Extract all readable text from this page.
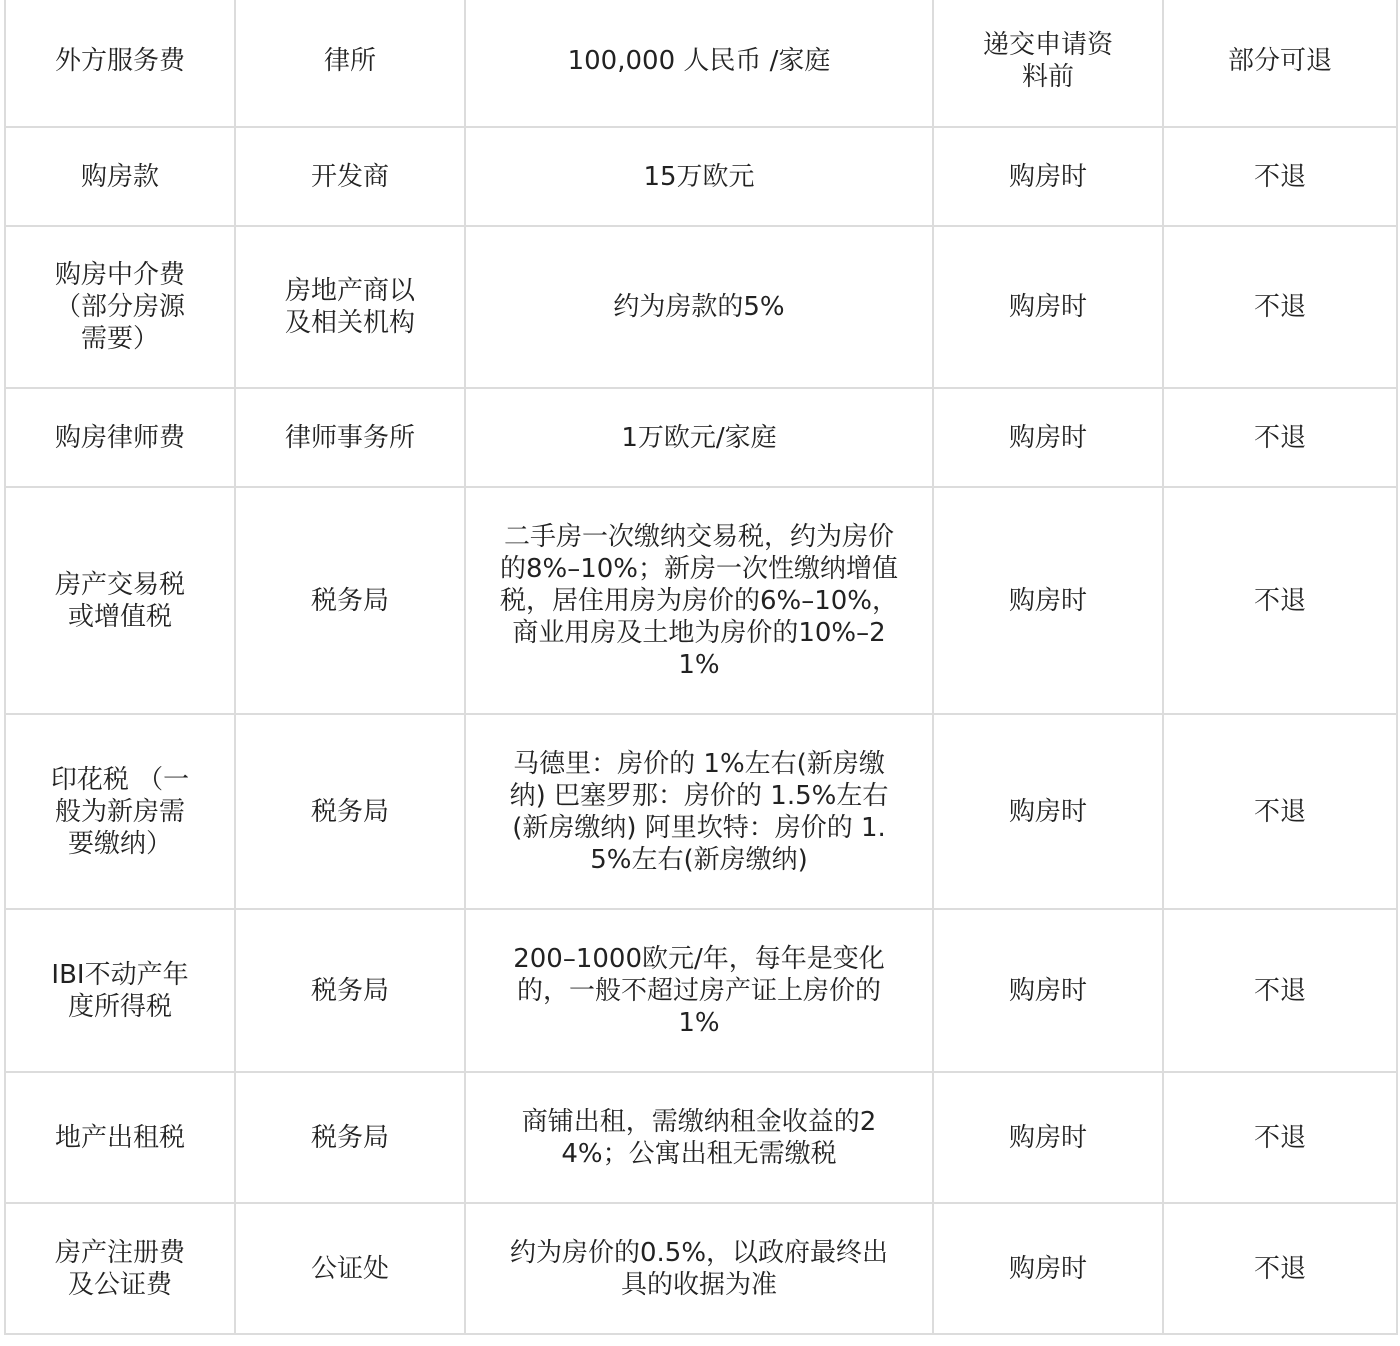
外方服务费	律所	100,000 人民币 /家庭	递交申请资料前	部分可退

购房款	开发商	15万欧元	购房时	不退

购房中介费（部分房源需要）	房地产商以及相关机构	约为房款的5%	购房时	不退

购房律师费	律师事务所	1万欧元/家庭	购房时	不退

房产交易税或增值税	税务局	二手房一次缴纳交易税，约为房价的8%–10%；新房一次性缴纳增值税，居住用房为房价的6%–10%，商业用房及土地为房价的10%–21%	购房时	不退

印花税 （一般为新房需要缴纳）	税务局	马德里：房价的 1%左右(新房缴纳) 巴塞罗那：房价的 1.5%左右 (新房缴纳) 阿里坎特：房价的 1.5%左右(新房缴纳)	购房时	不退

IBI不动产年度所得税	税务局	200–1000欧元/年，每年是变化的，一般不超过房产证上房价的1%	购房时	不退

地产出租税	税务局	商铺出租，需缴纳租金收益的24%；公寓出租无需缴税	购房时	不退

房产注册费及公证费	公证处	约为房价的0.5%，以政府最终出具的收据为准	购房时	不退
